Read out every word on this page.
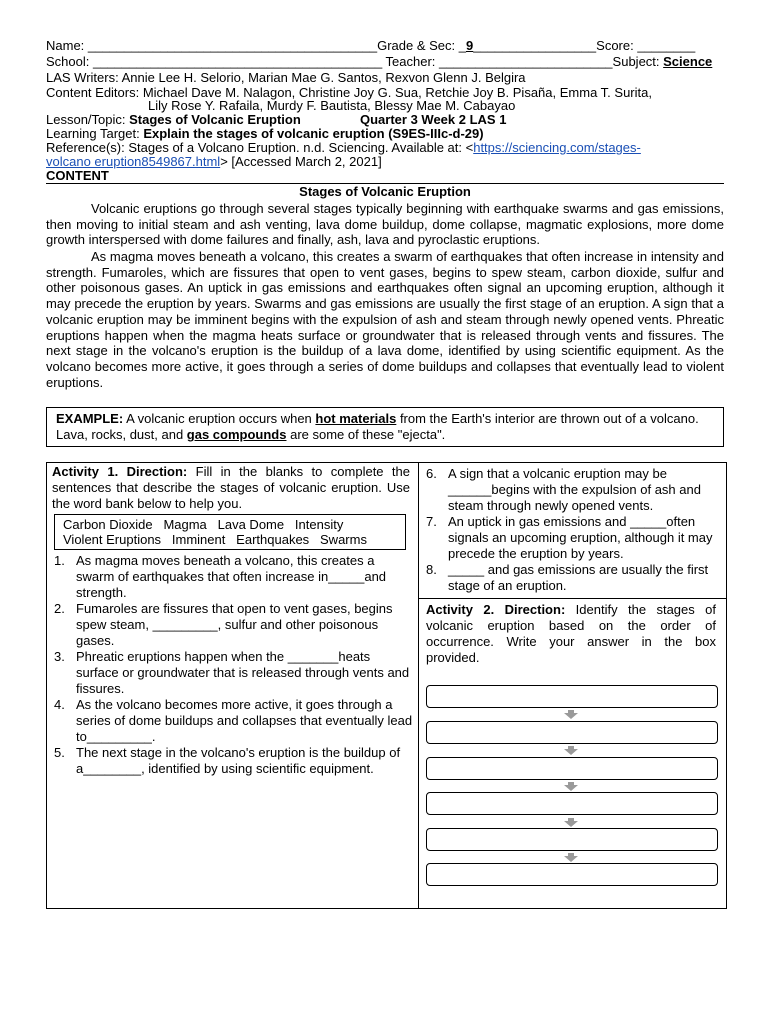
Name: ________________________________________Grade & Sec: _9_________________Score: ________
School: ________________________________________ Teacher: ________________________Subject: Science
LAS Writers: Annie Lee H. Selorio, Marian Mae G. Santos, Rexvon Glenn J. Belgira
Content Editors: Michael Dave M. Nalagon, Christine Joy G. Sua, Retchie Joy B. Pisaña, Emma T. Surita,
Lily Rose Y. Rafaila, Murdy F. Bautista, Blessy Mae M. Cabayao
Lesson/Topic: Stages of Volcanic Eruption	Quarter 3 Week 2 LAS 1
Learning Target: Explain the stages of volcanic eruption (S9ES-IIIc-d-29)
Reference(s): Stages of a Volcano Eruption. n.d. Sciencing. Available at: <https://sciencing.com/stages-
volcano eruption8549867.html> [Accessed March 2, 2021]
CONTENT
Stages of Volcanic Eruption
Volcanic eruptions go through several stages typically beginning with earthquake swarms and gas emissions, then moving to initial steam and ash venting, lava dome buildup, dome collapse, magmatic explosions, more dome growth interspersed with dome failures and finally, ash, lava and pyroclastic eruptions.
As magma moves beneath a volcano, this creates a swarm of earthquakes that often increase in intensity and strength. Fumaroles, which are fissures that open to vent gases, begins to spew steam, carbon dioxide, sulfur and other poisonous gases. An uptick in gas emissions and earthquakes often signal an upcoming eruption, although it may precede the eruption by years. Swarms and gas emissions are usually the first stage of an eruption. A sign that a volcanic eruption may be imminent begins with the expulsion of ash and steam through newly opened vents. Phreatic eruptions happen when the magma heats surface or groundwater that is released through vents and fissures. The next stage in the volcano's eruption is the buildup of a lava dome, identified by using scientific equipment. As the volcano becomes more active, it goes through a series of dome buildups and collapses that eventually lead to violent eruptions.
EXAMPLE: A volcanic eruption occurs when hot materials from the Earth's interior are thrown out of a volcano. Lava, rocks, dust, and gas compounds are some of these "ejecta".
Activity 1. Direction: Fill in the blanks to complete the sentences that describe the stages of volcanic eruption. Use the word bank below to help you.
Carbon Dioxide   Magma   Lava Dome   Intensity
Violent Eruptions   Imminent   Earthquakes   Swarms
1. As magma moves beneath a volcano, this creates a swarm of earthquakes that often increase in_____and strength.
2. Fumaroles are fissures that open to vent gases, begins spew steam, _________, sulfur and other poisonous gases.
3. Phreatic eruptions happen when the _______heats surface or groundwater that is released through vents and fissures.
4. As the volcano becomes more active, it goes through a series of dome buildups and collapses that eventually lead to_________.
5. The next stage in the volcano's eruption is the buildup of a________, identified by using scientific equipment.
6. A sign that a volcanic eruption may be ______begins with the expulsion of ash and steam through newly opened vents.
7. An uptick in gas emissions and _____often signals an upcoming eruption, although it may precede the eruption by years.
8. _____ and gas emissions are usually the first stage of an eruption.
Activity 2. Direction: Identify the stages of volcanic eruption based on the order of occurrence. Write your answer in the box provided.
